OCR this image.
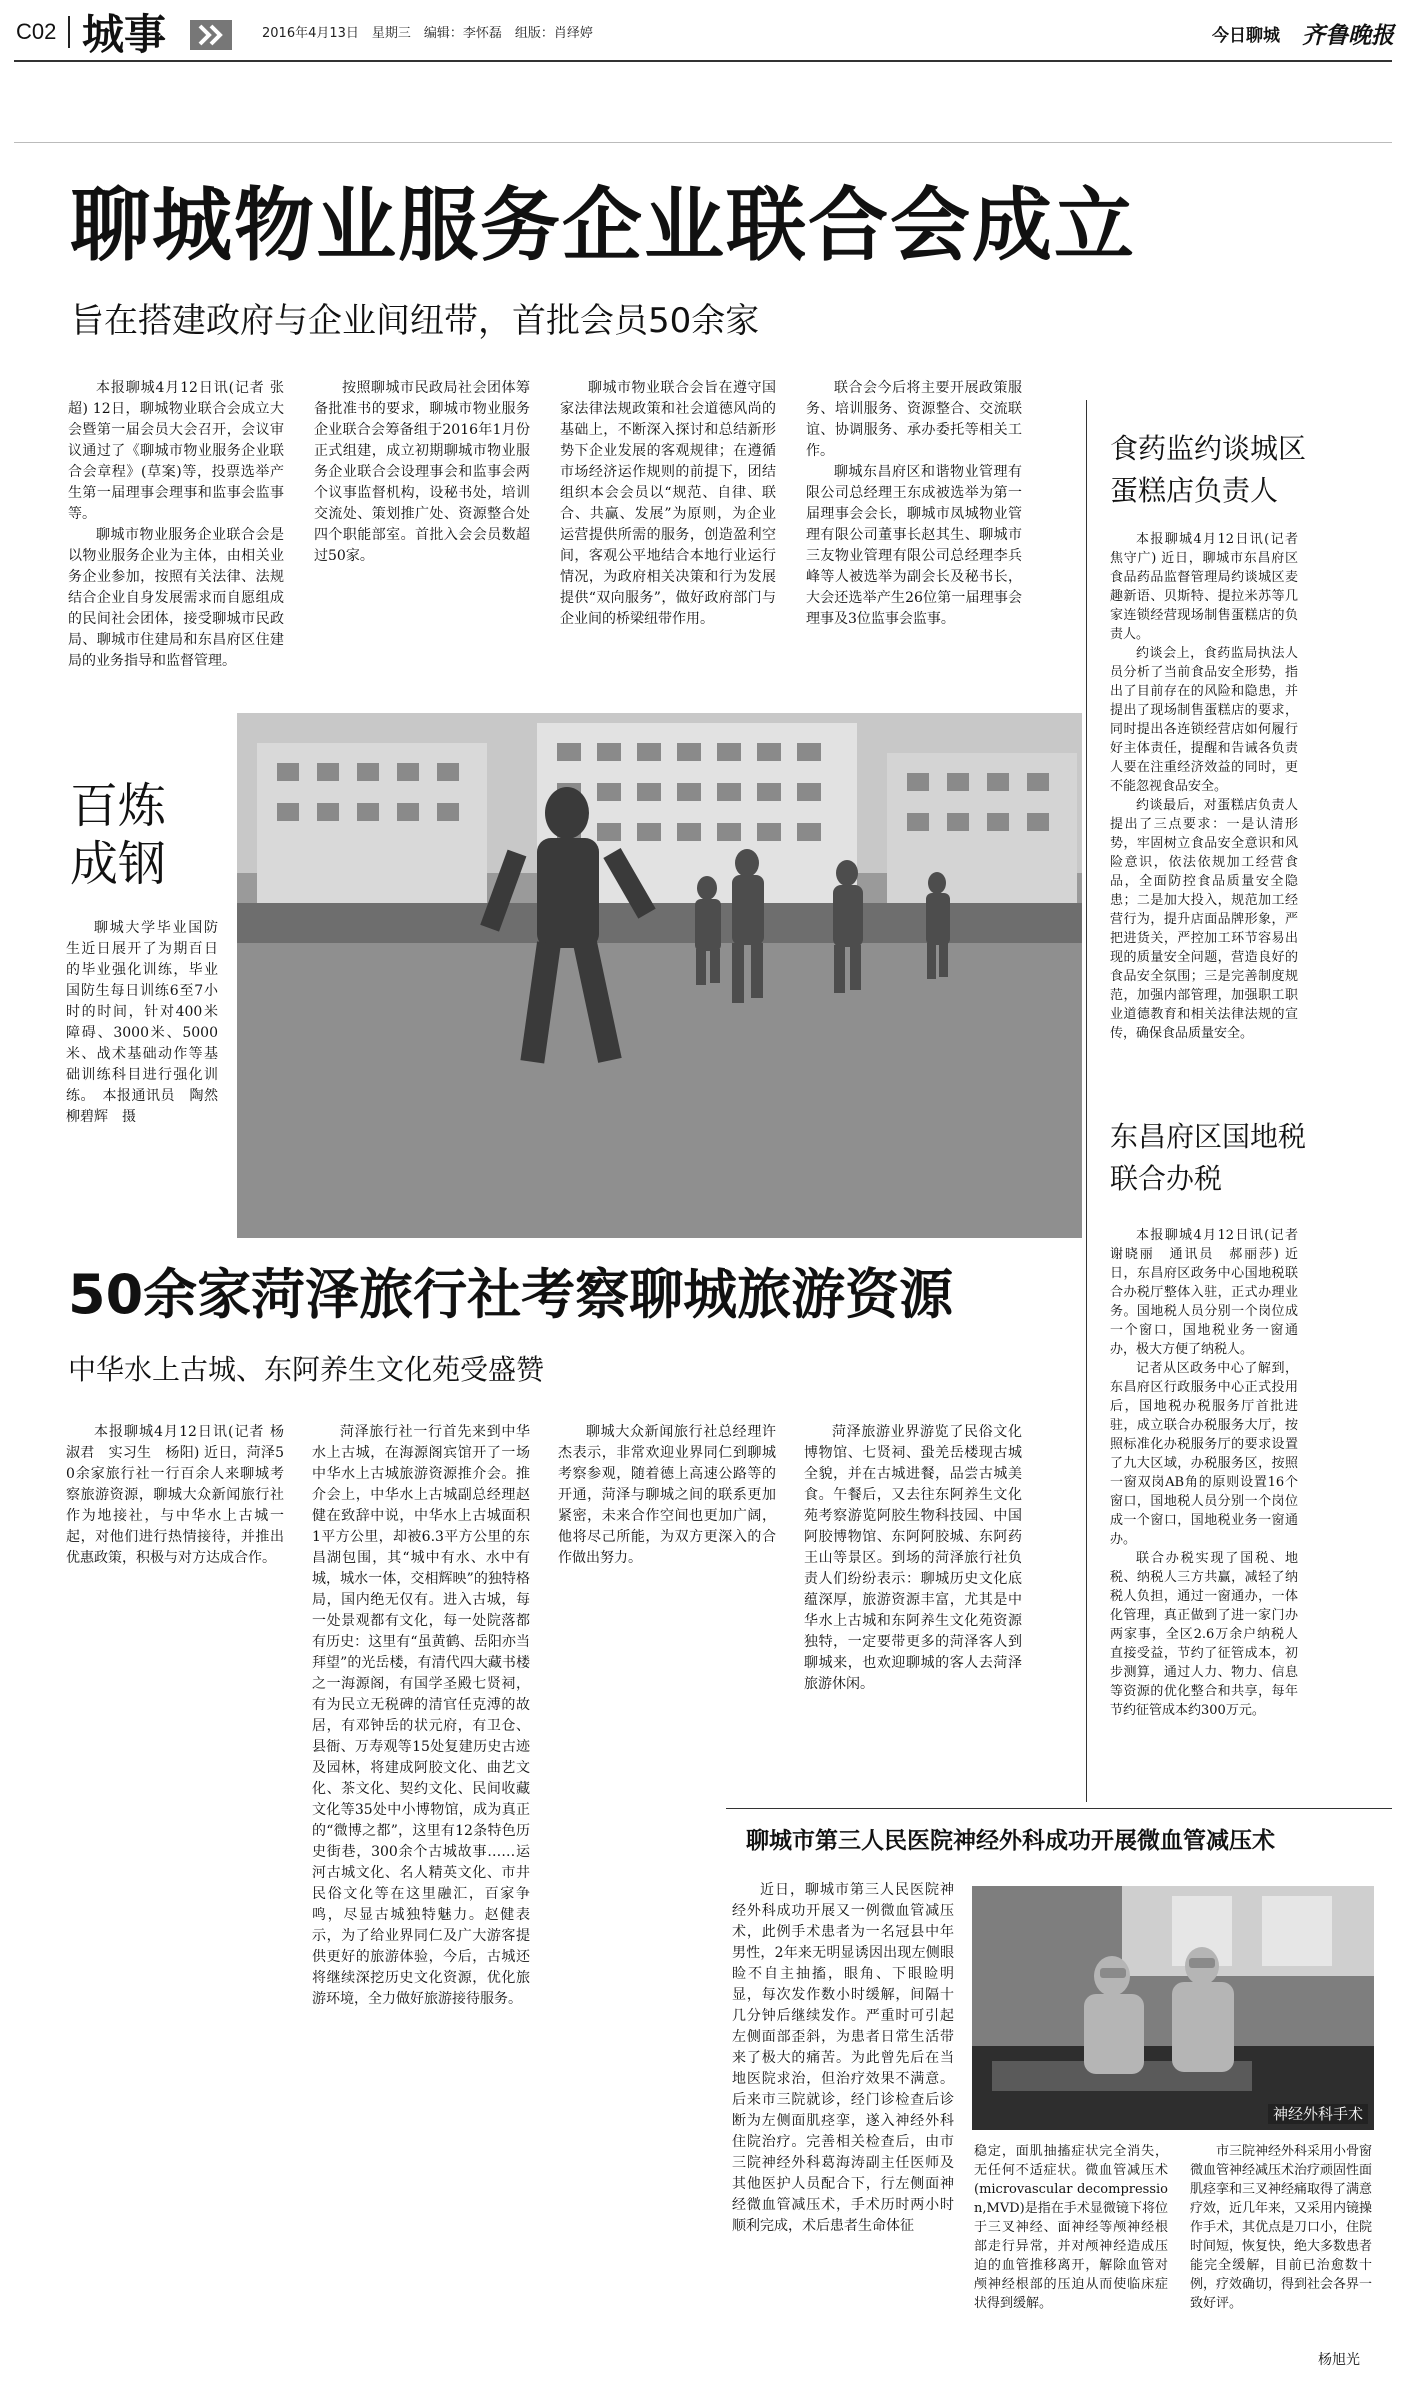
C02 城事	2016年4月13日　星期三　编辑：李怀磊　组版：肖绎婷	今日聊城 齐鲁晚报
聊城物业服务企业联合会成立
旨在搭建政府与企业间纽带，首批会员50余家

本报聊城4月12日讯(记者 张超) 12日，聊城物业联合会成立大会暨第一届会员大会召开，会议审议通过了《聊城市物业服务企业联合会章程》(草案)等，投票选举产生第一届理事会理事和监事会监事等。

聊城市物业服务企业联合会是以物业服务企业为主体，由相关业务企业参加，按照有关法律、法规结合企业自身发展需求而自愿组成的民间社会团体，接受聊城市民政局、聊城市住建局和东昌府区住建局的业务指导和监督管理。

按照聊城市民政局社会团体筹备批准书的要求，聊城市物业服务企业联合会筹备组于2016年1月份正式组建，成立初期聊城市物业服务企业联合会设理事会和监事会两个议事监督机构，设秘书处，培训交流处、策划推广处、资源整合处四个职能部室。首批入会会员数超过50家。

聊城市物业联合会旨在遵守国家法律法规政策和社会道德风尚的基础上，不断深入探讨和总结新形势下企业发展的客观规律；在遵循市场经济运作规则的前提下，团结组织本会会员以“规范、自律、联合、共赢、发展”为原则，为企业运营提供所需的服务，创造盈利空间，客观公平地结合本地行业运行情况，为政府相关决策和行为发展提供“双向服务”，做好政府部门与企业间的桥梁纽带作用。

联合会今后将主要开展政策服务、培训服务、资源整合、交流联谊、协调服务、承办委托等相关工作。

聊城东昌府区和谐物业管理有限公司总经理王东成被选举为第一届理事会会长，聊城市凤城物业管理有限公司董事长赵其生、聊城市三友物业管理有限公司总经理李兵峰等人被选举为副会长及秘书长，大会还选举产生26位第一届理事会理事及3位监事会监事。

百炼
成钢
聊城大学毕业国防生近日展开了为期百日的毕业强化训练，毕业国防生每日训练6至7小时的时间，针对400米障碍、3000米、5000米、战术基础动作等基础训练科目进行强化训练。　本报通讯员　陶然　柳碧辉　摄
50余家菏泽旅行社考察聊城旅游资源
中华水上古城、东阿养生文化苑受盛赞

本报聊城4月12日讯(记者 杨淑君　实习生　杨阳) 近日，菏泽50余家旅行社一行百余人来聊城考察旅游资源，聊城大众新闻旅行社作为地接社，与中华水上古城一起，对他们进行热情接待，并推出优惠政策，积极与对方达成合作。

菏泽旅行社一行首先来到中华水上古城，在海源阁宾馆开了一场中华水上古城旅游资源推介会。推介会上，中华水上古城副总经理赵健在致辞中说，中华水上古城面积1平方公里，却被6.3平方公里的东昌湖包围，其“城中有水、水中有城，城水一体，交相辉映”的独特格局，国内绝无仅有。进入古城，每一处景观都有文化，每一处院落都有历史：这里有“虽黄鹤、岳阳亦当拜望”的光岳楼，有清代四大藏书楼之一海源阁，有国学圣殿七贤祠，有为民立无税碑的清官任克溥的故居，有邓钟岳的状元府，有卫仓、县衙、万寿观等15处复建历史古迹及园林，将建成阿胶文化、曲艺文化、茶文化、契约文化、民间收藏文化等35处中小博物馆，成为真正的“微博之都”，这里有12条特色历史街巷，300余个古城故事……运河古城文化、名人精英文化、市井民俗文化等在这里融汇，百家争鸣，尽显古城独特魅力。赵健表示，为了给业界同仁及广大游客提供更好的旅游体验，今后，古城还将继续深挖历史文化资源，优化旅游环境，全力做好旅游接待服务。

聊城大众新闻旅行社总经理许杰表示，非常欢迎业界同仁到聊城考察参观，随着德上高速公路等的开通，菏泽与聊城之间的联系更加紧密，未来合作空间也更加广阔，他将尽己所能，为双方更深入的合作做出努力。

菏泽旅游业界游览了民俗文化博物馆、七贤祠、蛩羌岳楼现古城全貌，并在古城进餐，品尝古城美食。午餐后，又去往东阿养生文化苑考察游览阿胶生物科技园、中国阿胶博物馆、东阿阿胶城、东阿药王山等景区。到场的菏泽旅行社负责人们纷纷表示：聊城历史文化底蕴深厚，旅游资源丰富，尤其是中华水上古城和东阿养生文化苑资源独特，一定要带更多的菏泽客人到聊城来，也欢迎聊城的客人去菏泽旅游休闲。

食药监约谈城区
蛋糕店负责人

本报聊城4月12日讯(记者 焦守广) 近日，聊城市东昌府区食品药品监督管理局约谈城区麦趣新语、贝斯特、提拉米苏等几家连锁经营现场制售蛋糕店的负责人。

约谈会上，食药监局执法人员分析了当前食品安全形势，指出了目前存在的风险和隐患，并提出了现场制售蛋糕店的要求，同时提出各连锁经营店如何履行好主体责任，提醒和告诫各负责人要在注重经济效益的同时，更不能忽视食品安全。

约谈最后，对蛋糕店负责人提出了三点要求：一是认清形势，牢固树立食品安全意识和风险意识，依法依规加工经营食品，全面防控食品质量安全隐患；二是加大投入，规范加工经营行为，提升店面品牌形象，严把进货关，严控加工环节容易出现的质量安全问题，营造良好的食品安全氛围；三是完善制度规范，加强内部管理，加强职工职业道德教育和相关法律法规的宣传，确保食品质量安全。

东昌府区国地税
联合办税

本报聊城4月12日讯(记者 谢晓丽　通讯员　郝丽莎) 近日，东昌府区政务中心国地税联合办税厅整体入驻，正式办理业务。国地税人员分别一个岗位成一个窗口，国地税业务一窗通办，极大方便了纳税人。

记者从区政务中心了解到，东昌府区行政服务中心正式投用后，国地税办税服务厅首批进驻，成立联合办税服务大厅，按照标准化办税服务厅的要求设置了九大区域，办税服务区，按照一窗双岗AB角的原则设置16个窗口，国地税人员分别一个岗位成一个窗口，国地税业务一窗通办。

联合办税实现了国税、地税、纳税人三方共赢，减轻了纳税人负担，通过一窗通办，一体化管理，真正做到了进一家门办两家事，全区2.6万余户纳税人直接受益，节约了征管成本，初步测算，通过人力、物力、信息等资源的优化整合和共享，每年节约征管成本约300万元。

聊城市第三人民医院神经外科成功开展微血管减压术
近日，聊城市第三人民医院神经外科成功开展又一例微血管减压术，此例手术患者为一名冠县中年男性，2年来无明显诱因出现左侧眼睑不自主抽搐，眼角、下眼睑明显，每次发作数小时缓解，间隔十几分钟后继续发作。严重时可引起左侧面部歪斜，为患者日常生活带来了极大的痛苦。为此曾先后在当地医院求治，但治疗效果不满意。后来市三院就诊，经门诊检查后诊断为左侧面肌痉挛，遂入神经外科住院治疗。完善相关检查后，由市三院神经外科葛海涛副主任医师及其他医护人员配合下，行左侧面神经微血管减压术，手术历时两小时顺利完成，术后患者生命体征
神经外科手术
稳定，面肌抽搐症状完全消失，无任何不适症状。微血管减压术(microvascular decompression,MVD)是指在手术显微镜下将位于三叉神经、面神经等颅神经根部走行异常，并对颅神经造成压迫的血管推移离开，解除血管对颅神经根部的压迫从而使临床症状得到缓解。
市三院神经外科采用小骨窗微血管神经减压术治疗顽固性面肌痉挛和三叉神经痛取得了满意疗效，近几年来，又采用内镜操作手术，其优点是刀口小，住院时间短，恢复快，绝大多数患者能完全缓解，目前已治愈数十例，疗效确切，得到社会各界一致好评。
杨旭光
